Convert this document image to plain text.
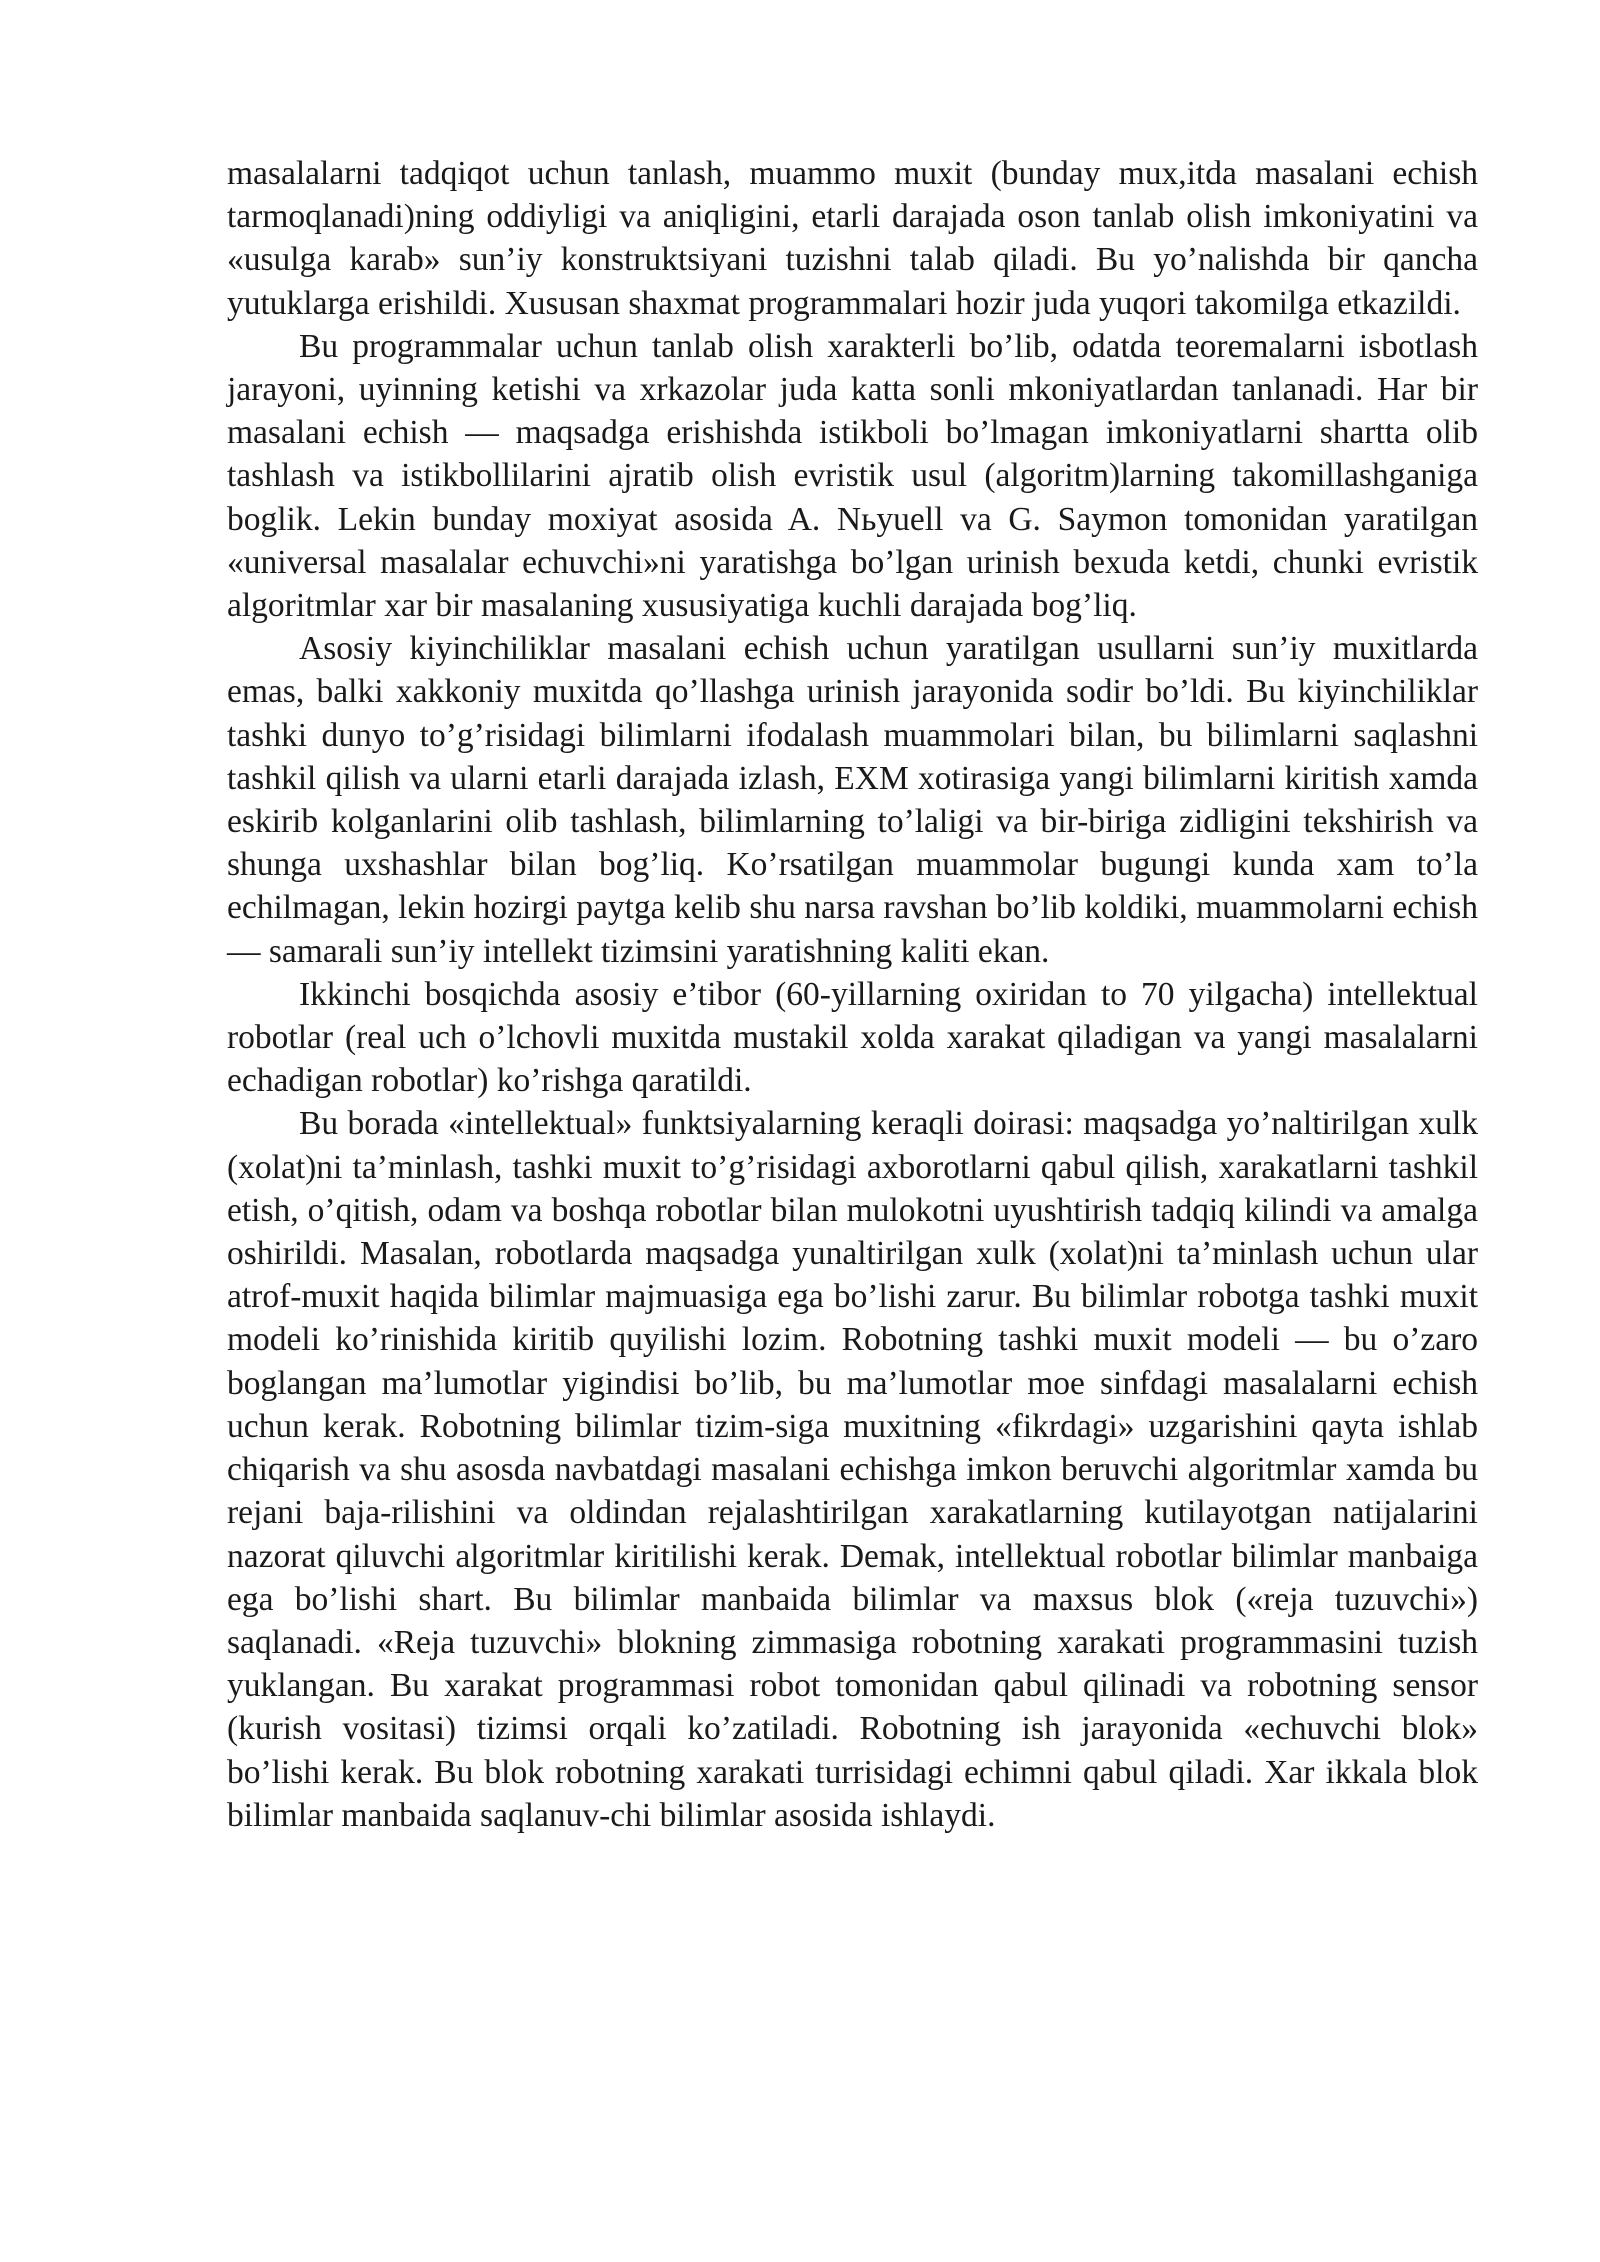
masalalarni tadqiqot uchun tanlash, muammo muxit (bunday mux,itda masalani echish tarmoqlanadi)ning oddiyligi va aniqligini, etarli darajada oson tanlab olish imkoniyatini va «usulga karab» sun’iy konstruktsiyani tuzishni talab qiladi. Bu yo’nalishda bir qancha yutuklarga erishildi. Xususan shaxmat programmalari hozir juda yuqori takomilga etkazildi.

Bu programmalar uchun tanlab olish xarakterli bo’lib, odatda teoremalarni isbotlash jarayoni, uyinning ketishi va xrkazolar juda katta sonli mkoniyatlardan tanlanadi. Har bir masalani echish — maqsadga erishishda istikboli bo’lmagan imkoniyatlarni shartta olib tashlash va istikbollilarini ajratib olish evristik usul (algoritm)larning takomillashganiga boglik. Lekin bunday moxiyat asosida A. Nьyuell va G. Saymon tomonidan yaratilgan «universal masalalar echuvchi»ni yaratishga bo’lgan urinish bexuda ketdi, chunki evristik algoritmlar xar bir masalaning xususiyatiga kuchli darajada bog’liq.

Asosiy kiyinchiliklar masalani echish uchun yaratilgan usullarni sun’iy muxitlarda emas, balki xakkoniy muxitda qo’llashga urinish jarayonida sodir bo’ldi. Bu kiyinchiliklar tashki dunyo to’g’risidagi bilimlarni ifodalash muammolari bilan, bu bilimlarni saqlashni tashkil qilish va ularni etarli darajada izlash, EXM xotirasiga yangi bilimlarni kiritish xamda eskirib kolganlarini olib tashlash, bilimlarning to’laligi va bir-biriga zidligini tekshirish va shunga uxshashlar bilan bog’liq. Ko’rsatilgan muammolar bugungi kunda xam to’la echilmagan, lekin hozirgi paytga kelib shu narsa ravshan bo’lib koldiki, muammolarni echish — samarali sun’iy intellekt tizimsini yaratishning kaliti ekan.

Ikkinchi bosqichda asosiy e’tibor (60-yillarning oxiridan to 70 yilgacha) intellektual robotlar (real uch o’lchovli muxitda mustakil xolda xarakat qiladigan va yangi masalalarni echadigan robotlar) ko’rishga qaratildi.

Bu borada «intellektual» funktsiyalarning keraqli doirasi: maqsadga yo’naltirilgan xulk (xolat)ni ta’minlash, tashki muxit to’g’risidagi axborotlarni qabul qilish, xarakatlarni tashkil etish, o’qitish, odam va boshqa robotlar bilan mulokotni uyushtirish tadqiq kilindi va amalga oshirildi. Masalan, robotlarda maqsadga yunaltirilgan xulk (xolat)ni ta’minlash uchun ular atrof-muxit haqida bilimlar majmuasiga ega bo’lishi zarur. Bu bilimlar robotga tashki muxit modeli ko’rinishida kiritib quyilishi lozim. Robotning tashki muxit modeli — bu o’zaro boglangan ma’lumotlar yigindisi bo’lib, bu ma’lumotlar moe sinfdagi masalalarni echish uchun kerak. Robotning bilimlar tizim-siga muxitning «fikrdagi» uzgarishini qayta ishlab chiqarish va shu asosda navbatdagi masalani echishga imkon beruvchi algoritmlar xamda bu rejani baja-rilishini va oldindan rejalashtirilgan xarakatlarning kutilayotgan natijalarini nazorat qiluvchi algoritmlar kiritilishi kerak. Demak, intellektual robotlar bilimlar manbaiga ega bo’lishi shart. Bu bilimlar manbaida bilimlar va maxsus blok («reja tuzuvchi») saqlanadi. «Reja tuzuvchi» blokning zimmasiga robotning xarakati programmasini tuzish yuklangan. Bu xarakat programmasi robot tomonidan qabul qilinadi va robotning sensor (kurish vositasi) tizimsi orqali ko’zatiladi. Robotning ish jarayonida «echuvchi blok» bo’lishi kerak. Bu blok robotning xarakati turrisidagi echimni qabul qiladi. Xar ikkala blok bilimlar manbaida saqlanuv-chi bilimlar asosida ishlaydi.
